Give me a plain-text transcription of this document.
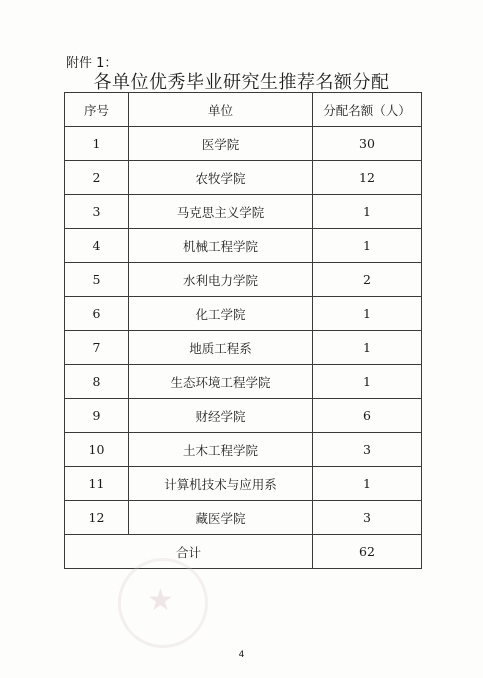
附件 1：
各单位优秀毕业研究生推荐名额分配
序号	单位	分配名额（人）
1	医学院	30
2	农牧学院	12
3	马克思主义学院	1
4	机械工程学院	1
5	水利电力学院	2
6	化工学院	1
7	地质工程系	1
8	生态环境工程学院	1
9	财经学院	6
10	土木工程学院	3
11	计算机技术与应用系	1
12	藏医学院	3
合计		62
★
4
